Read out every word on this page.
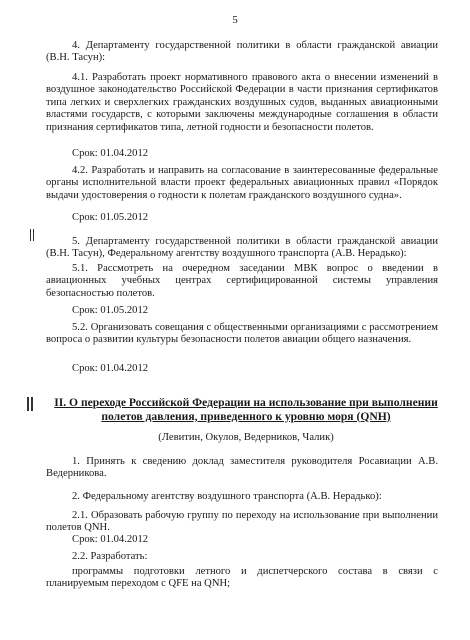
5

4. Департаменту государственной политики в области гражданской авиации (В.Н. Тасун):

4.1. Разработать проект нормативного правового акта о внесении изменений в воздушное законодательство Российской Федерации в части признания сертификатов типа легких и сверхлегких гражданских воздушных судов, выданных авиационными властями государств, с которыми заключены международные соглашения в области признания сертификатов типа, летной годности и безопасности полетов.

Срок: 01.04.2012

4.2. Разработать и направить на согласование в заинтересованные федеральные органы исполнительной власти проект федеральных авиационных правил «Порядок выдачи удостоверения о годности к полетам гражданского воздушного судна».

Срок: 01.05.2012

5. Департаменту государственной политики в области гражданской авиации (В.Н. Тасун), Федеральному агентству воздушного транспорта (А.В. Нерадько):

5.1. Рассмотреть на очередном заседании МВК вопрос о введении в авиационных учебных центрах сертифицированной системы управления безопасностью полетов.

Срок: 01.05.2012

5.2. Организовать совещания с общественными организациями с рассмотрением вопроса о развитии культуры безопасности полетов авиации общего назначения.

Срок: 01.04.2012

II. О переходе Российской Федерации на использование при выполнении
полетов давления, приведенного к уровню моря (QNH)
(Левитин, Окулов, Ведерников, Чалик)

1. Принять к сведению доклад заместителя руководителя Росавиации А.В. Ведерникова.

2. Федеральному агентству воздушного транспорта (А.В. Нерадько):

2.1. Образовать рабочую группу по переходу на использование при выполнении полетов QNH.

Срок: 01.04.2012

2.2. Разработать:

программы подготовки летного и диспетчерского состава в связи с планируемым переходом с QFE на QNH;
